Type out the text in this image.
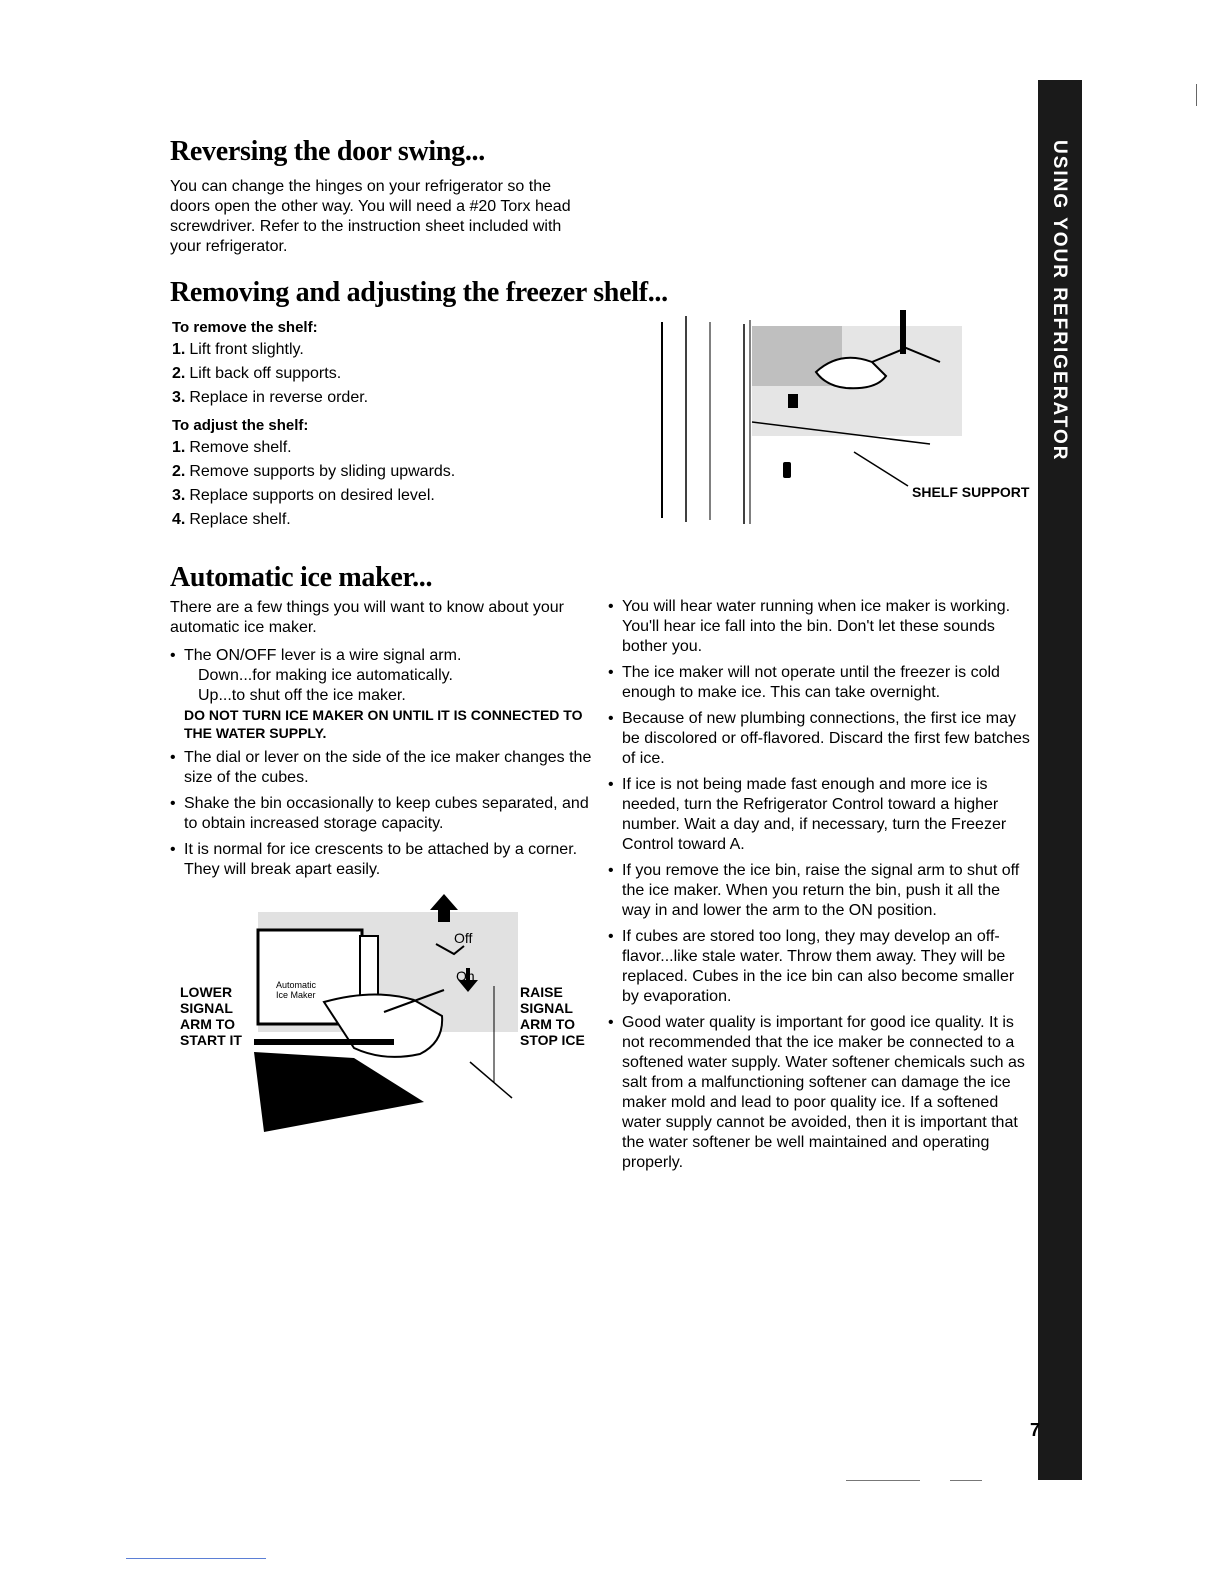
USING YOUR REFRIGERATOR
Reversing the door swing...
You can change the hinges on your refrigerator so the doors open the other way. You will need a #20 Torx head screwdriver. Refer to the instruction sheet included with your refrigerator.
Removing and adjusting the freezer shelf...
To remove the shelf:
1. Lift front slightly.
2. Lift back off supports.
3. Replace in reverse order.
To adjust the shelf:
1. Remove shelf.
2. Remove supports by sliding upwards.
3. Replace supports on desired level.
4. Replace shelf.
SHELF SUPPORT
Automatic ice maker...
There are a few things you will want to know about your automatic ice maker.
• The ON/OFF lever is a wire signal arm.
Down...for making ice automatically.
Up...to shut off the ice maker.
DO NOT TURN ICE MAKER ON UNTIL IT IS CONNECTED TO THE WATER SUPPLY.
• The dial or lever on the side of the ice maker changes the size of the cubes.
• Shake the bin occasionally to keep cubes separated, and to obtain increased storage capacity.
• It is normal for ice crescents to be attached by a corner. They will break apart easily.
Automatic
Ice Maker
Off
On
LOWER
SIGNAL
ARM TO
START IT
RAISE
SIGNAL
ARM TO
STOP ICE
• You will hear water running when ice maker is working. You'll hear ice fall into the bin. Don't let these sounds bother you.
• The ice maker will not operate until the freezer is cold enough to make ice. This can take overnight.
• Because of new plumbing connections, the first ice may be discolored or off-flavored. Discard the first few batches of ice.
• If ice is not being made fast enough and more ice is needed, turn the Refrigerator Control toward a higher number. Wait a day and, if necessary, turn the Freezer Control toward A.
• If you remove the ice bin, raise the signal arm to shut off the ice maker. When you return the bin, push it all the way in and lower the arm to the ON position.
• If cubes are stored too long, they may develop an off-flavor...like stale water. Throw them away. They will be replaced. Cubes in the ice bin can also become smaller by evaporation.
• Good water quality is important for good ice quality. It is not recommended that the ice maker be connected to a softened water supply. Water softener chemicals such as salt from a malfunctioning softener can damage the ice maker mold and lead to poor quality ice. If a softened water supply cannot be avoided, then it is important that the water softener be well maintained and operating properly.
7
